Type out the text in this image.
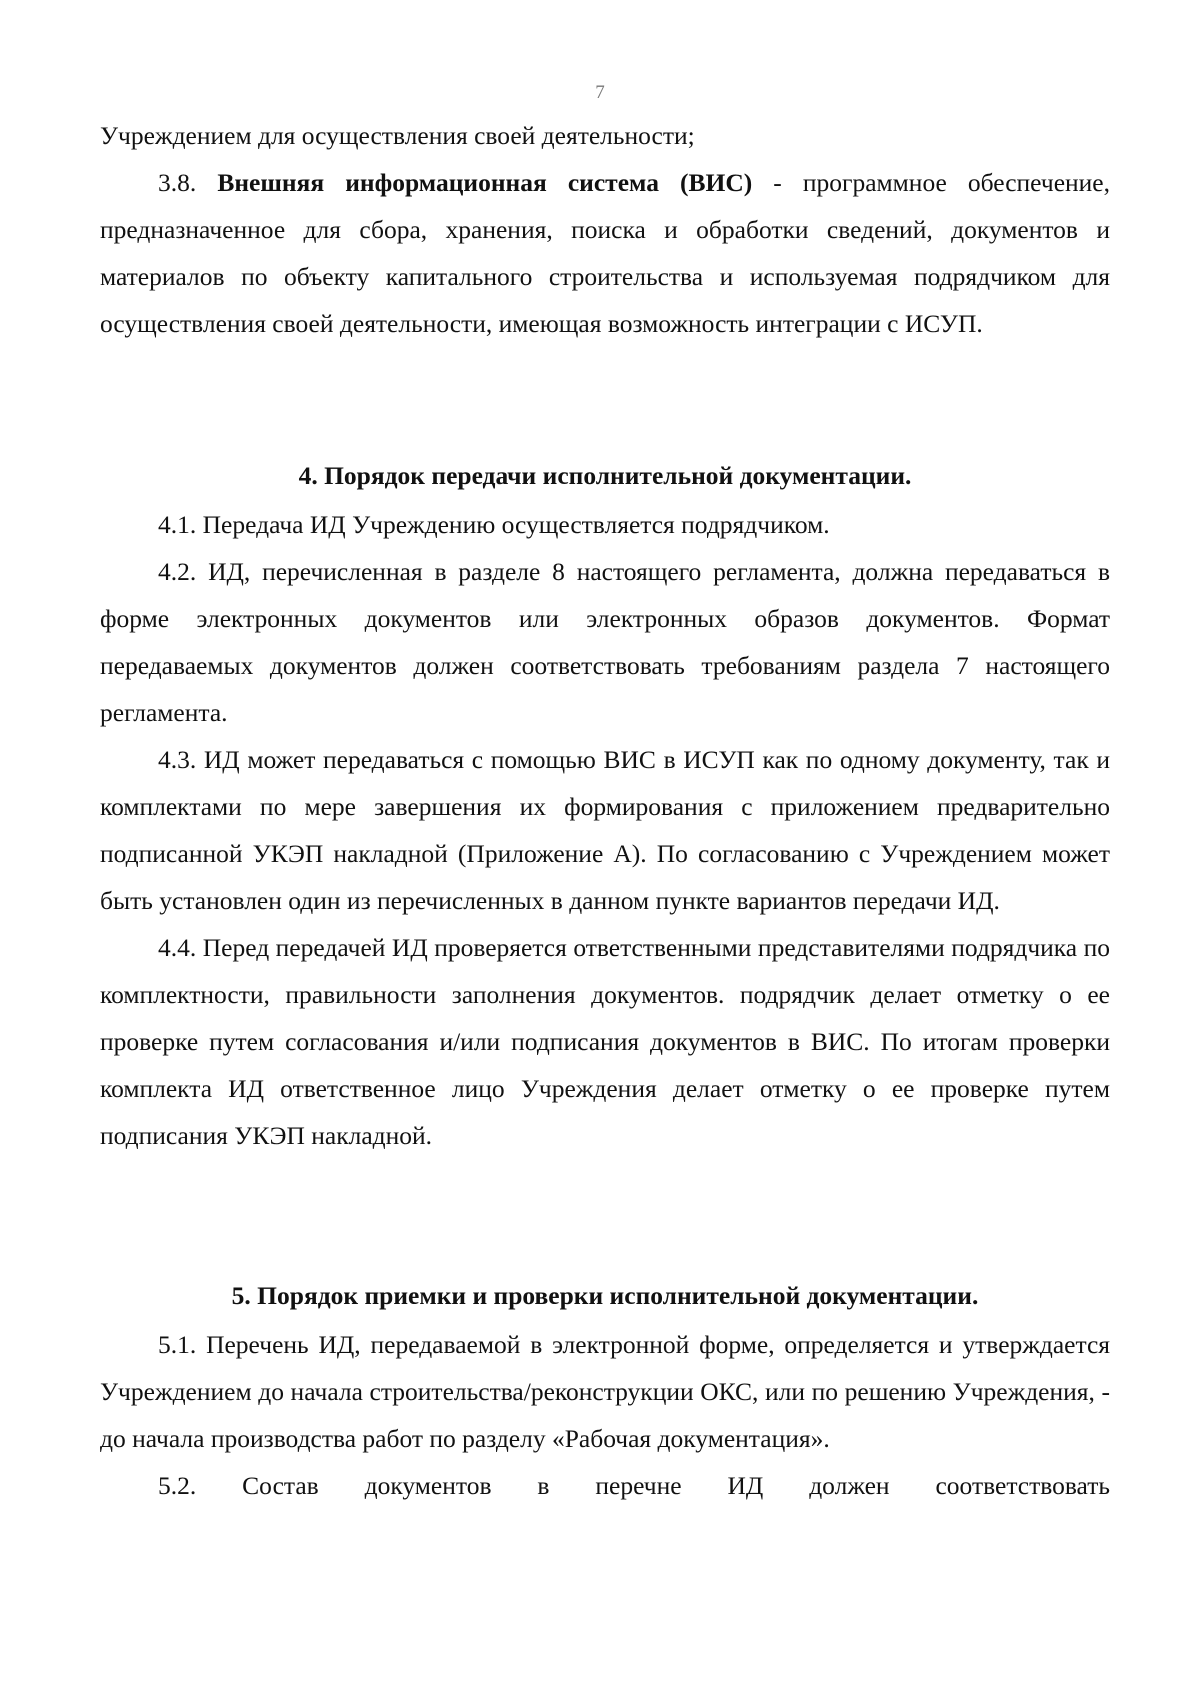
7

Учреждением для осуществления своей деятельности;

3.8. Внешняя информационная система (ВИС) - программное обеспечение, предназначенное для сбора, хранения, поиска и обработки сведений, документов и материалов по объекту капитального строительства и используемая подрядчиком для осуществления своей деятельности, имеющая возможность интеграции с ИСУП.

4. Порядок передачи исполнительной документации.

4.1. Передача ИД Учреждению осуществляется подрядчиком.

4.2. ИД, перечисленная в разделе 8 настоящего регламента, должна передаваться в форме электронных документов или электронных образов документов. Формат передаваемых документов должен соответствовать требованиям раздела 7 настоящего регламента.

4.3. ИД может передаваться с помощью ВИС в ИСУП как по одному документу, так и комплектами по мере завершения их формирования с приложением предварительно подписанной УКЭП накладной (Приложение А). По согласованию с Учреждением может быть установлен один из перечисленных в данном пункте вариантов передачи ИД.

4.4. Перед передачей ИД проверяется ответственными представителями подрядчика по комплектности, правильности заполнения документов. подрядчик делает отметку о ее проверке путем согласования и/или подписания документов в ВИС. По итогам проверки комплекта ИД ответственное лицо Учреждения делает отметку о ее проверке путем подписания УКЭП накладной.

5. Порядок приемки и проверки исполнительной документации.

5.1. Перечень ИД, передаваемой в электронной форме, определяется и утверждается Учреждением до начала строительства/реконструкции ОКС, или по решению Учреждения, - до начала производства работ по разделу «Рабочая документация».

5.2. Состав документов в перечне ИД должен соответствовать
